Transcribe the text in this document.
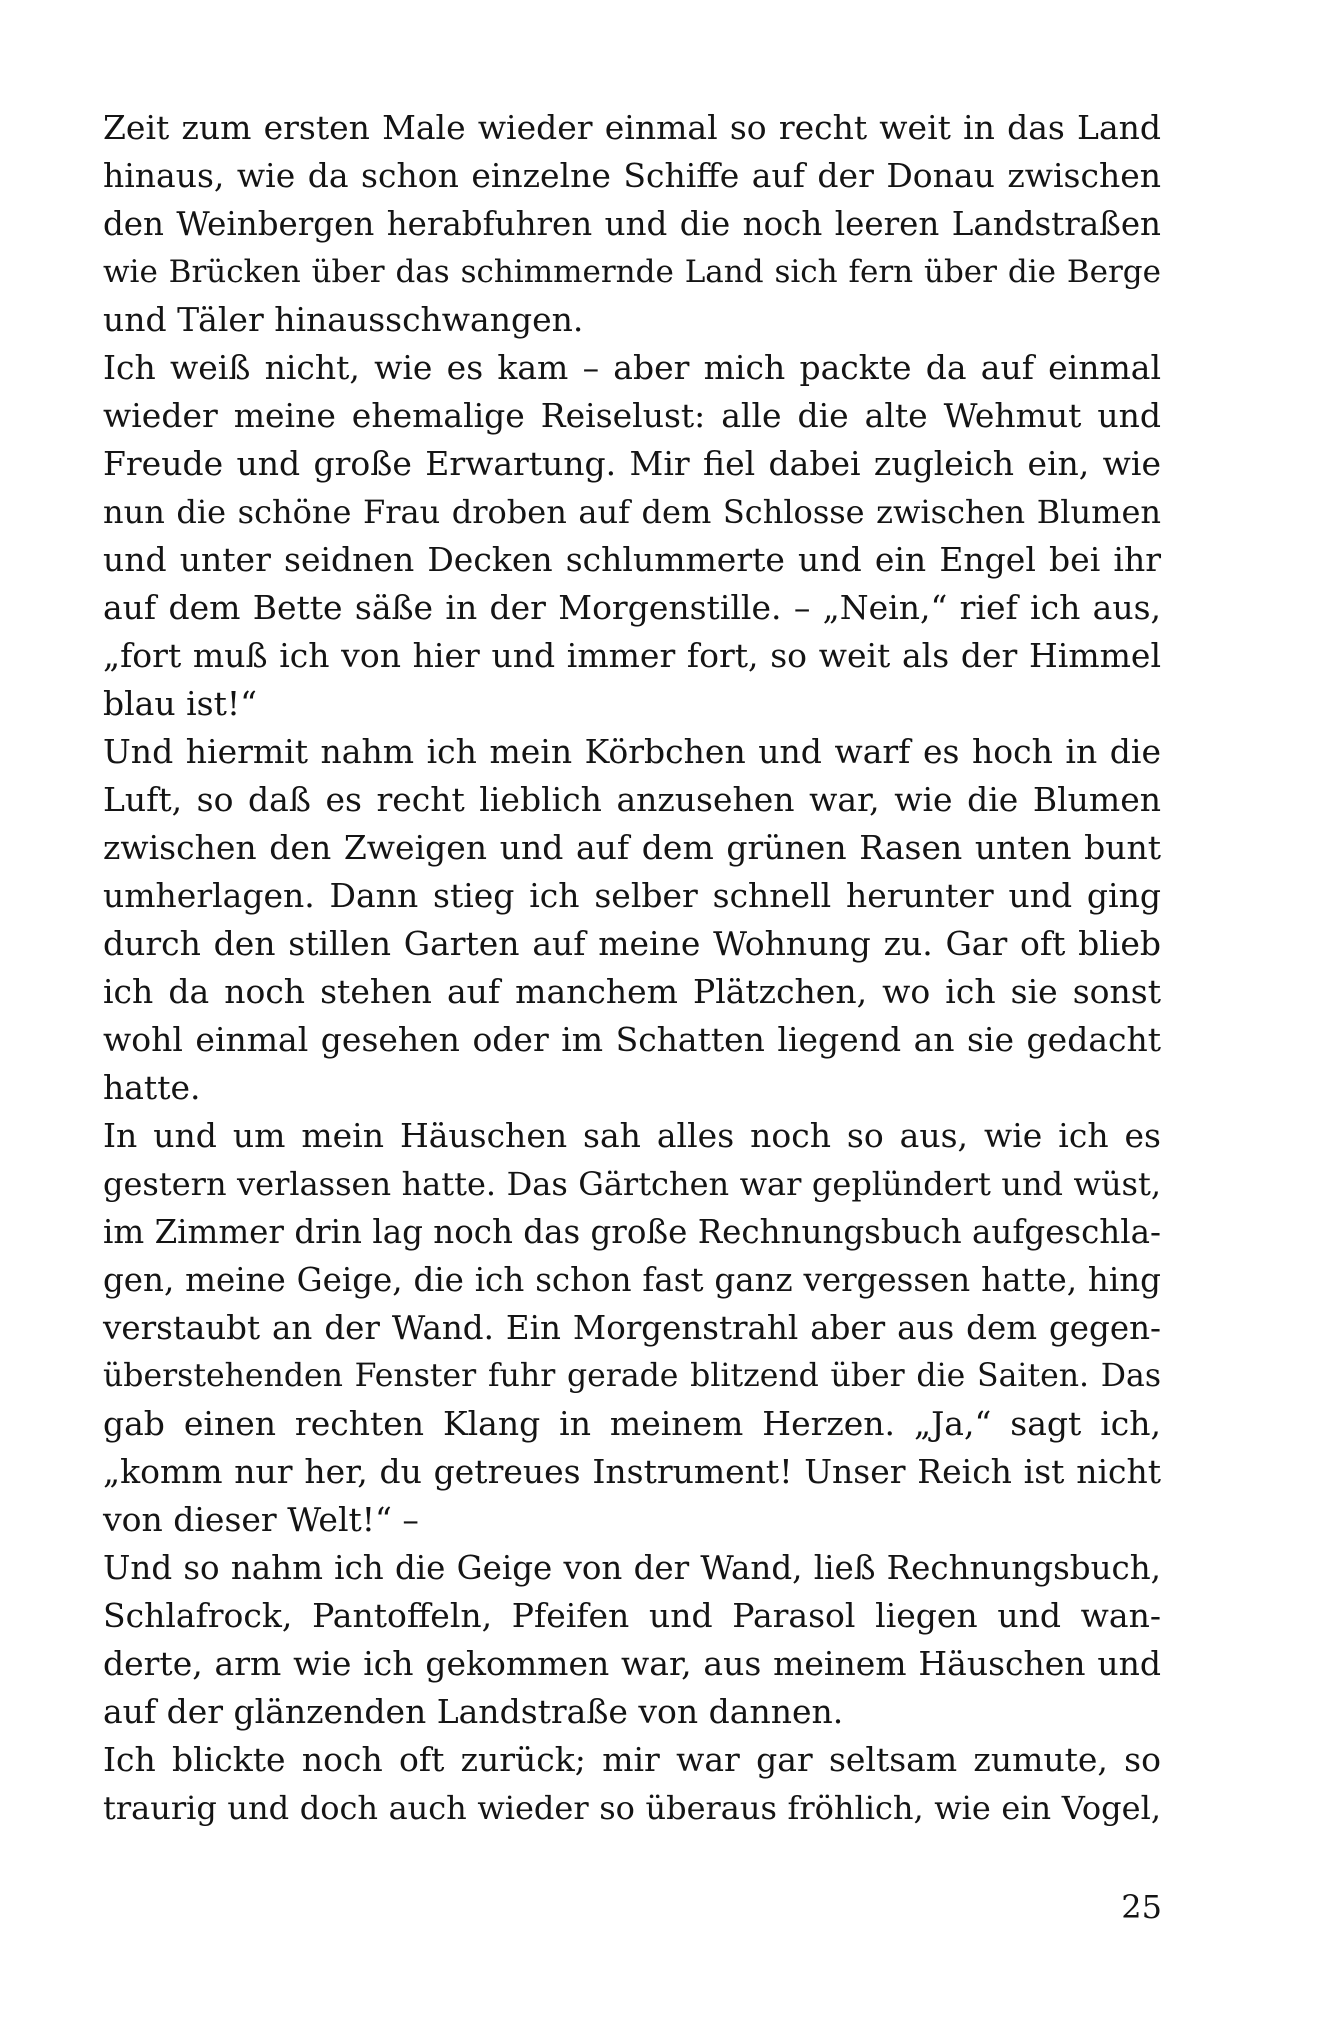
Zeit zum ersten Male wieder einmal so recht weit in das Land
hinaus, wie da schon einzelne Schiffe auf der Donau zwischen
den Weinbergen herabfuhren und die noch leeren Landstraßen
wie Brücken über das schimmernde Land sich fern über die Berge
und Täler hinausschwangen.
Ich weiß nicht, wie es kam – aber mich packte da auf einmal
wieder meine ehemalige Reiselust: alle die alte Wehmut und
Freude und große Erwartung. Mir fiel dabei zugleich ein, wie
nun die schöne Frau droben auf dem Schlosse zwischen Blumen
und unter seidnen Decken schlummerte und ein Engel bei ihr
auf dem Bette säße in der Morgenstille. – „Nein,“ rief ich aus,
„fort muß ich von hier und immer fort, so weit als der Himmel
blau ist!“
Und hiermit nahm ich mein Körbchen und warf es hoch in die
Luft, so daß es recht lieblich anzusehen war, wie die Blumen
zwischen den Zweigen und auf dem grünen Rasen unten bunt
umherlagen. Dann stieg ich selber schnell herunter und ging
durch den stillen Garten auf meine Wohnung zu. Gar oft blieb
ich da noch stehen auf manchem Plätzchen, wo ich sie sonst
wohl einmal gesehen oder im Schatten liegend an sie gedacht
hatte.
In und um mein Häuschen sah alles noch so aus, wie ich es
gestern verlassen hatte. Das Gärtchen war geplündert und wüst,
im Zimmer drin lag noch das große Rechnungsbuch aufgeschla-
gen, meine Geige, die ich schon fast ganz vergessen hatte, hing
verstaubt an der Wand. Ein Morgenstrahl aber aus dem gegen-
überstehenden Fenster fuhr gerade blitzend über die Saiten. Das
gab einen rechten Klang in meinem Herzen. „Ja,“ sagt ich,
„komm nur her, du getreues Instrument! Unser Reich ist nicht
von dieser Welt!“ –
Und so nahm ich die Geige von der Wand, ließ Rechnungsbuch,
Schlafrock, Pantoffeln, Pfeifen und Parasol liegen und wan-
derte, arm wie ich gekommen war, aus meinem Häuschen und
auf der glänzenden Landstraße von dannen.
Ich blickte noch oft zurück; mir war gar seltsam zumute, so
traurig und doch auch wieder so überaus fröhlich, wie ein Vogel,
25
